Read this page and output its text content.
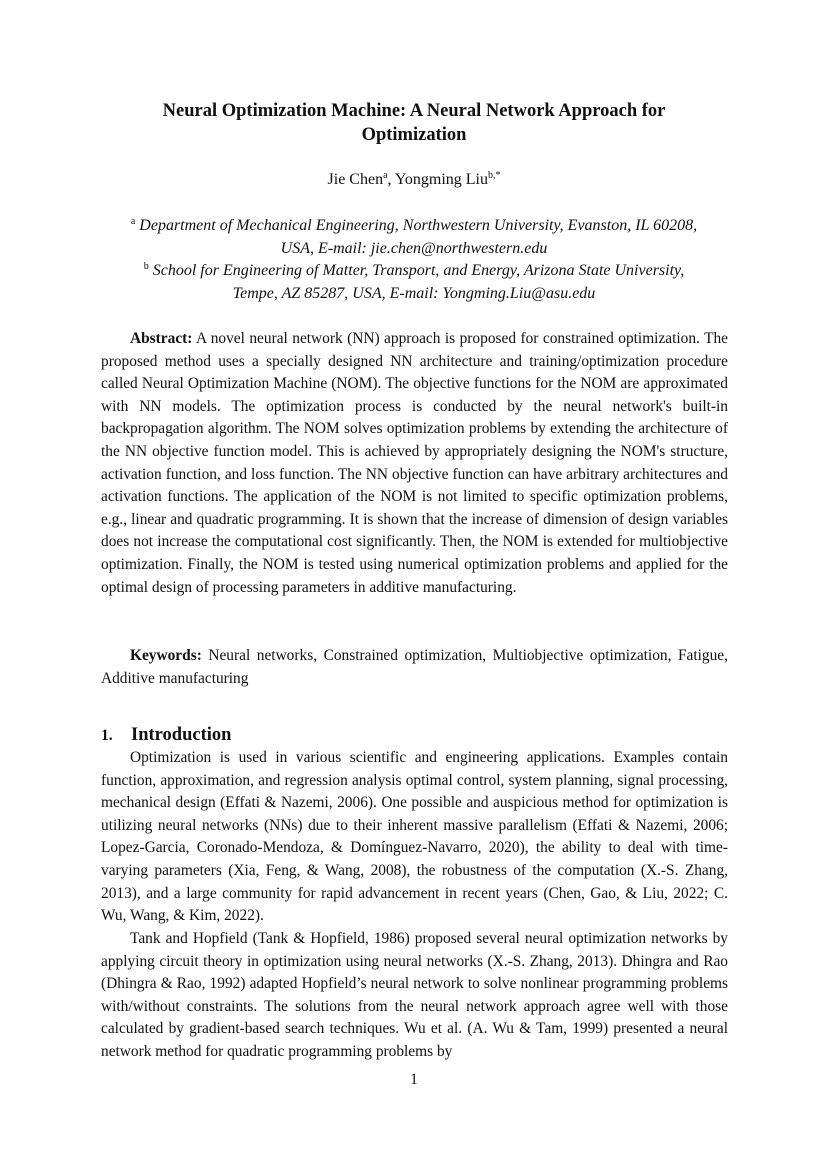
Neural Optimization Machine: A Neural Network Approach for
Optimization
Jie Chen$^a$, Yongming Liu$^{b,*}$
$^a$ Department of Mechanical Engineering, Northwestern University, Evanston, IL 60208,
USA, E-mail: jie.chen@northwestern.edu
$^b$ School for Engineering of Matter, Transport, and Energy, Arizona State University,
Tempe, AZ 85287, USA, E-mail: Yongming.Liu@asu.edu

Abstract: A novel neural network (NN) approach is proposed for constrained optimization. The proposed method uses a specially designed NN architecture and training/optimization procedure called Neural Optimization Machine (NOM). The objective functions for the NOM are approximated with NN models. The optimization process is conducted by the neural network's built-in backpropagation algorithm. The NOM solves optimization problems by extending the architecture of the NN objective function model. This is achieved by appropriately designing the NOM's structure, activation function, and loss function. The NN objective function can have arbitrary architectures and activation functions. The application of the NOM is not limited to specific optimization problems, e.g., linear and quadratic programming. It is shown that the increase of dimension of design variables does not increase the computational cost significantly. Then, the NOM is extended for multiobjective optimization. Finally, the NOM is tested using numerical optimization problems and applied for the optimal design of processing parameters in additive manufacturing.

Keywords: Neural networks, Constrained optimization, Multiobjective optimization, Fatigue, Additive manufacturing

1. Introduction

Optimization is used in various scientific and engineering applications. Examples contain function, approximation, and regression analysis optimal control, system planning, signal processing, mechanical design (Effati & Nazemi, 2006). One possible and auspicious method for optimization is utilizing neural networks (NNs) due to their inherent massive parallelism (Effati & Nazemi, 2006; Lopez-Garcia, Coronado-Mendoza, & Domínguez-Navarro, 2020), the ability to deal with time-varying parameters (Xia, Feng, & Wang, 2008), the robustness of the computation (X.-S. Zhang, 2013), and a large community for rapid advancement in recent years (Chen, Gao, & Liu, 2022; C. Wu, Wang, & Kim, 2022).

Tank and Hopfield (Tank & Hopfield, 1986) proposed several neural optimization networks by applying circuit theory in optimization using neural networks (X.-S. Zhang, 2013). Dhingra and Rao (Dhingra & Rao, 1992) adapted Hopfield’s neural network to solve nonlinear programming problems with/without constraints. The solutions from the neural network approach agree well with those calculated by gradient-based search techniques. Wu et al. (A. Wu & Tam, 1999) presented a neural network method for quadratic programming problems by

1
